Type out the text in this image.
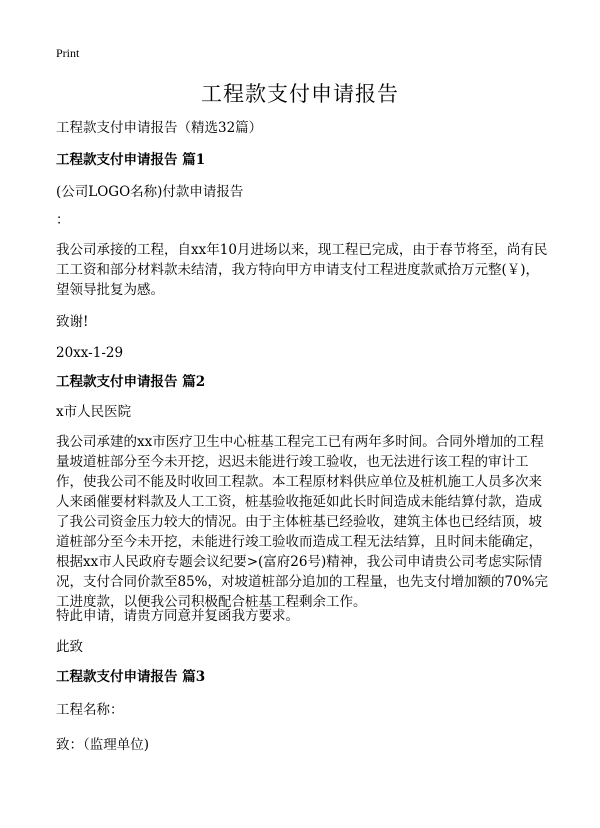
Print
工程款支付申请报告
工程款支付申请报告（精选32篇）
工程款支付申请报告 篇1
(公司LOGO名称)付款申请报告
：
我公司承接的工程，自xx年10月进场以来，现工程已完成，由于春节将至，尚有民工工资和部分材料款未结清，我方特向甲方申请支付工程进度款贰拾万元整(￥)，望领导批复为感。
致谢!
20xx-1-29
工程款支付申请报告 篇2
x市人民医院
我公司承建的xx市医疗卫生中心桩基工程完工已有两年多时间。合同外增加的工程量坡道桩部分至今未开挖，迟迟未能进行竣工验收，也无法进行该工程的审计工作，使我公司不能及时收回工程款。本工程原材料供应单位及桩机施工人员多次来人来函催要材料款及人工工资，桩基验收拖延如此长时间造成未能结算付款，造成了我公司资金压力较大的情况。由于主体桩基已经验收，建筑主体也已经结顶，坡道桩部分至今未开挖，未能进行竣工验收而造成工程无法结算，且时间未能确定，根据xx市人民政府专题会议纪要>(富府26号)精神，我公司申请贵公司考虑实际情况，支付合同价款至85%，对坡道桩部分追加的工程量，也先支付增加额的70%完工进度款，以便我公司积极配合桩基工程剩余工作。
特此申请，请贵方同意并复函我方要求。
此致
工程款支付申请报告 篇3
工程名称：
致：（监理单位)
